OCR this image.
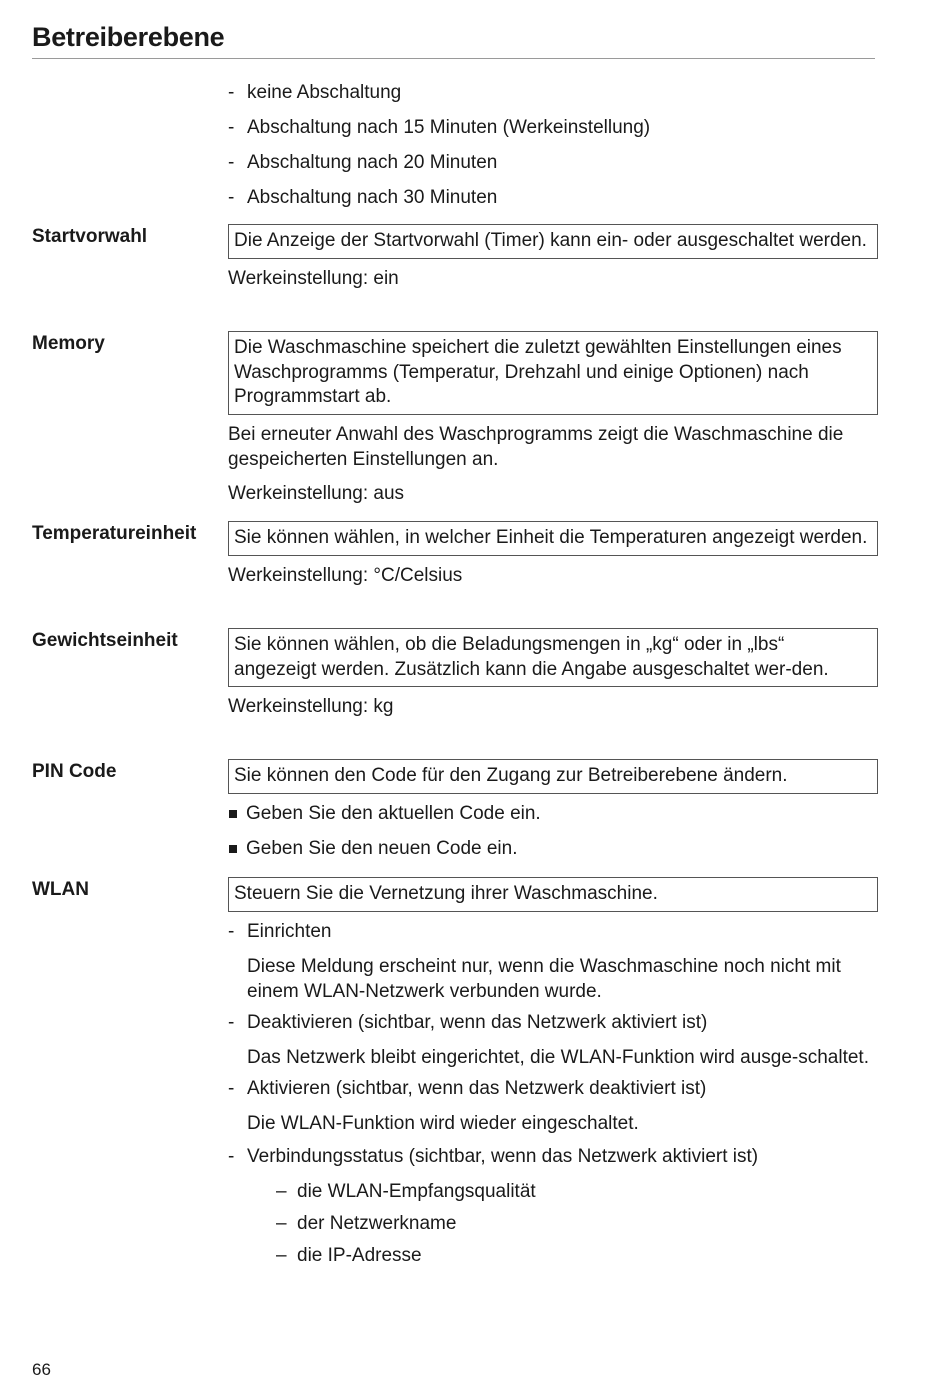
Betreiberebene
- keine Abschaltung
- Abschaltung nach 15 Minuten (Werkeinstellung)
- Abschaltung nach 20 Minuten
- Abschaltung nach 30 Minuten
Startvorwahl	Die Anzeige der Startvorwahl (Timer) kann ein- oder ausgeschaltet werden.
Werkeinstellung: ein
Memory	Die Waschmaschine speichert die zuletzt gewählten Einstellungen eines Waschprogramms (Temperatur, Drehzahl und einige Optionen) nach Programmstart ab.
Bei erneuter Anwahl des Waschprogramms zeigt die Waschmaschine die gespeicherten Einstellungen an.
Werkeinstellung: aus
Temperatureinheit	Sie können wählen, in welcher Einheit die Temperaturen angezeigt werden.
Werkeinstellung: °C/Celsius
Gewichtseinheit	Sie können wählen, ob die Beladungsmengen in „kg“ oder in „lbs“ angezeigt werden. Zusätzlich kann die Angabe ausgeschaltet wer-den.
Werkeinstellung: kg
PIN Code	Sie können den Code für den Zugang zur Betreiberebene ändern.
Geben Sie den aktuellen Code ein.
Geben Sie den neuen Code ein.
WLAN	Steuern Sie die Vernetzung ihrer Waschmaschine.
- Einrichten
Diese Meldung erscheint nur, wenn die Waschmaschine noch nicht mit einem WLAN-Netzwerk verbunden wurde.
- Deaktivieren (sichtbar, wenn das Netzwerk aktiviert ist)
Das Netzwerk bleibt eingerichtet, die WLAN-Funktion wird ausge-schaltet.
- Aktivieren (sichtbar, wenn das Netzwerk deaktiviert ist)
Die WLAN-Funktion wird wieder eingeschaltet.
- Verbindungsstatus (sichtbar, wenn das Netzwerk aktiviert ist)
– die WLAN-Empfangsqualität
– der Netzwerkname
– die IP-Adresse
66
